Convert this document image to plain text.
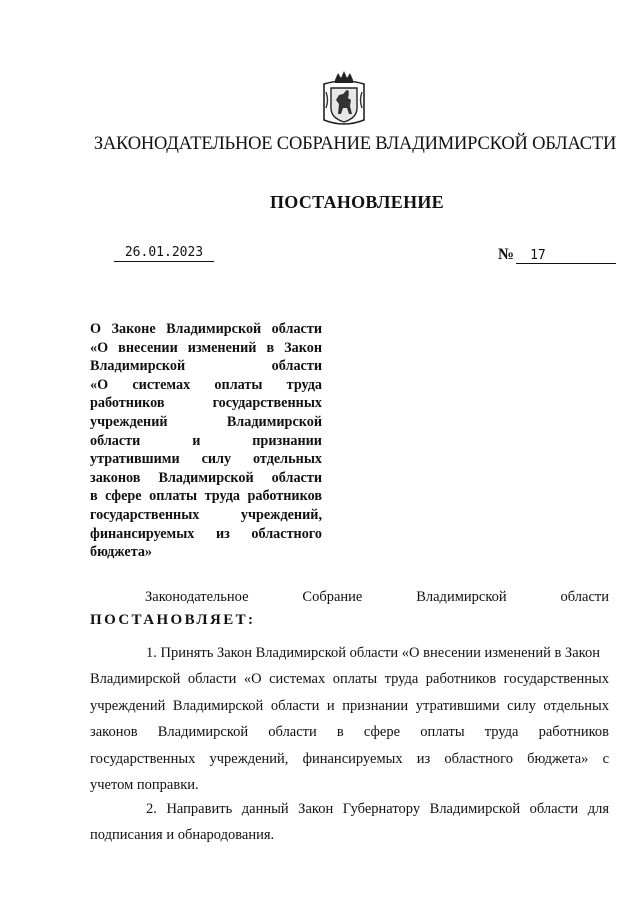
ЗАКОНОДАТЕЛЬНОЕ СОБРАНИЕ ВЛАДИМИРСКОЙ ОБЛАСТИ
ПОСТАНОВЛЕНИЕ
26.01.2023	№	17
О Законе Владимирской области
«О внесении изменений в Закон
Владимирской области
«О системах оплаты труда
работников государственных
учреждений Владимирской
области и признании
утратившими силу отдельных
законов Владимирской области
в сфере оплаты труда работников
государственных учреждений,
финансируемых из областного
бюджета»
Законодательное	Собрание	Владимирской	области
ПОСТАНОВЛЯЕТ:
1. Принять Закон Владимирской области «О внесении изменений в Закон
Владимирской области «О системах оплаты труда работников государственных
учреждений Владимирской области и признании утратившими силу отдельных
законов Владимирской области в сфере оплаты труда работников
государственных учреждений, финансируемых из областного бюджета» с
учетом поправки.
2. Направить данный Закон Губернатору Владимирской области для
подписания и обнародования.
